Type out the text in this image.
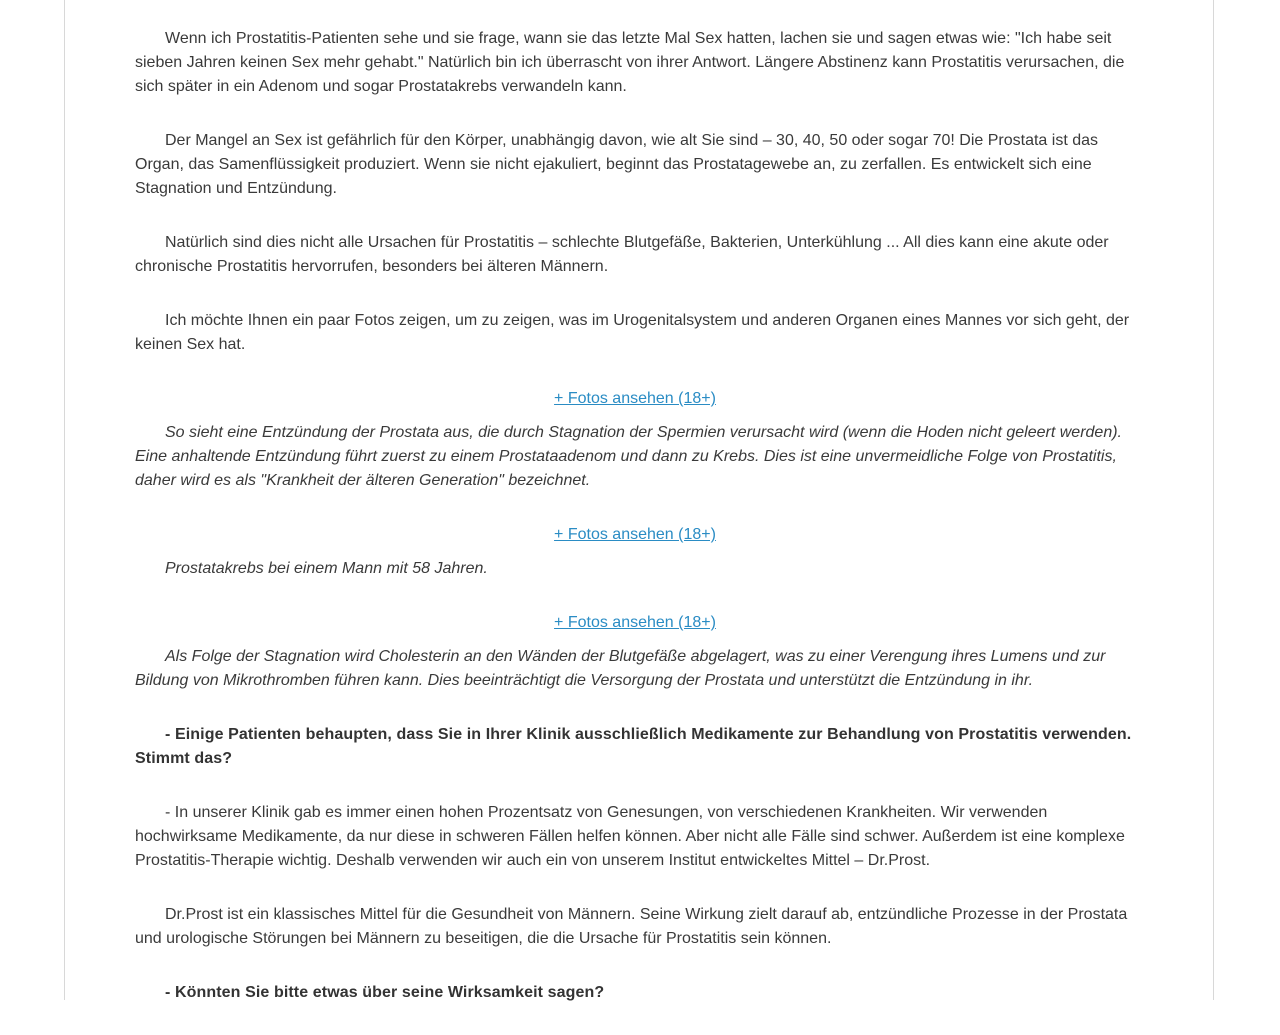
Wenn ich Prostatitis-Patienten sehe und sie frage, wann sie das letzte Mal Sex hatten, lachen sie und sagen etwas wie: "Ich habe seit sieben Jahren keinen Sex mehr gehabt." Natürlich bin ich überrascht von ihrer Antwort. Längere Abstinenz kann Prostatitis verursachen, die sich später in ein Adenom und sogar Prostatakrebs verwandeln kann.

Der Mangel an Sex ist gefährlich für den Körper, unabhängig davon, wie alt Sie sind – 30, 40, 50 oder sogar 70! Die Prostata ist das Organ, das Samenflüssigkeit produziert. Wenn sie nicht ejakuliert, beginnt das Prostatagewebe an, zu zerfallen. Es entwickelt sich eine Stagnation und Entzündung.

Natürlich sind dies nicht alle Ursachen für Prostatitis – schlechte Blutgefäße, Bakterien, Unterkühlung ... All dies kann eine akute oder chronische Prostatitis hervorrufen, besonders bei älteren Männern.

Ich möchte Ihnen ein paar Fotos zeigen, um zu zeigen, was im Urogenitalsystem und anderen Organen eines Mannes vor sich geht, der keinen Sex hat.

+ Fotos ansehen (18+)

So sieht eine Entzündung der Prostata aus, die durch Stagnation der Spermien verursacht wird (wenn die Hoden nicht geleert werden). Eine anhaltende Entzündung führt zuerst zu einem Prostataadenom und dann zu Krebs. Dies ist eine unvermeidliche Folge von Prostatitis, daher wird es als "Krankheit der älteren Generation" bezeichnet.

+ Fotos ansehen (18+)

Prostatakrebs bei einem Mann mit 58 Jahren.

+ Fotos ansehen (18+)

Als Folge der Stagnation wird Cholesterin an den Wänden der Blutgefäße abgelagert, was zu einer Verengung ihres Lumens und zur Bildung von Mikrothromben führen kann. Dies beeinträchtigt die Versorgung der Prostata und unterstützt die Entzündung in ihr.

- Einige Patienten behaupten, dass Sie in Ihrer Klinik ausschließlich Medikamente zur Behandlung von Prostatitis verwenden. Stimmt das?

- In unserer Klinik gab es immer einen hohen Prozentsatz von Genesungen, von verschiedenen Krankheiten. Wir verwenden hochwirksame Medikamente, da nur diese in schweren Fällen helfen können. Aber nicht alle Fälle sind schwer. Außerdem ist eine komplexe Prostatitis-Therapie wichtig. Deshalb verwenden wir auch ein von unserem Institut entwickeltes Mittel – Dr.Prost.

Dr.Prost ist ein klassisches Mittel für die Gesundheit von Männern. Seine Wirkung zielt darauf ab, entzündliche Prozesse in der Prostata und urologische Störungen bei Männern zu beseitigen, die die Ursache für Prostatitis sein können.

- Könnten Sie bitte etwas über seine Wirksamkeit sagen?
